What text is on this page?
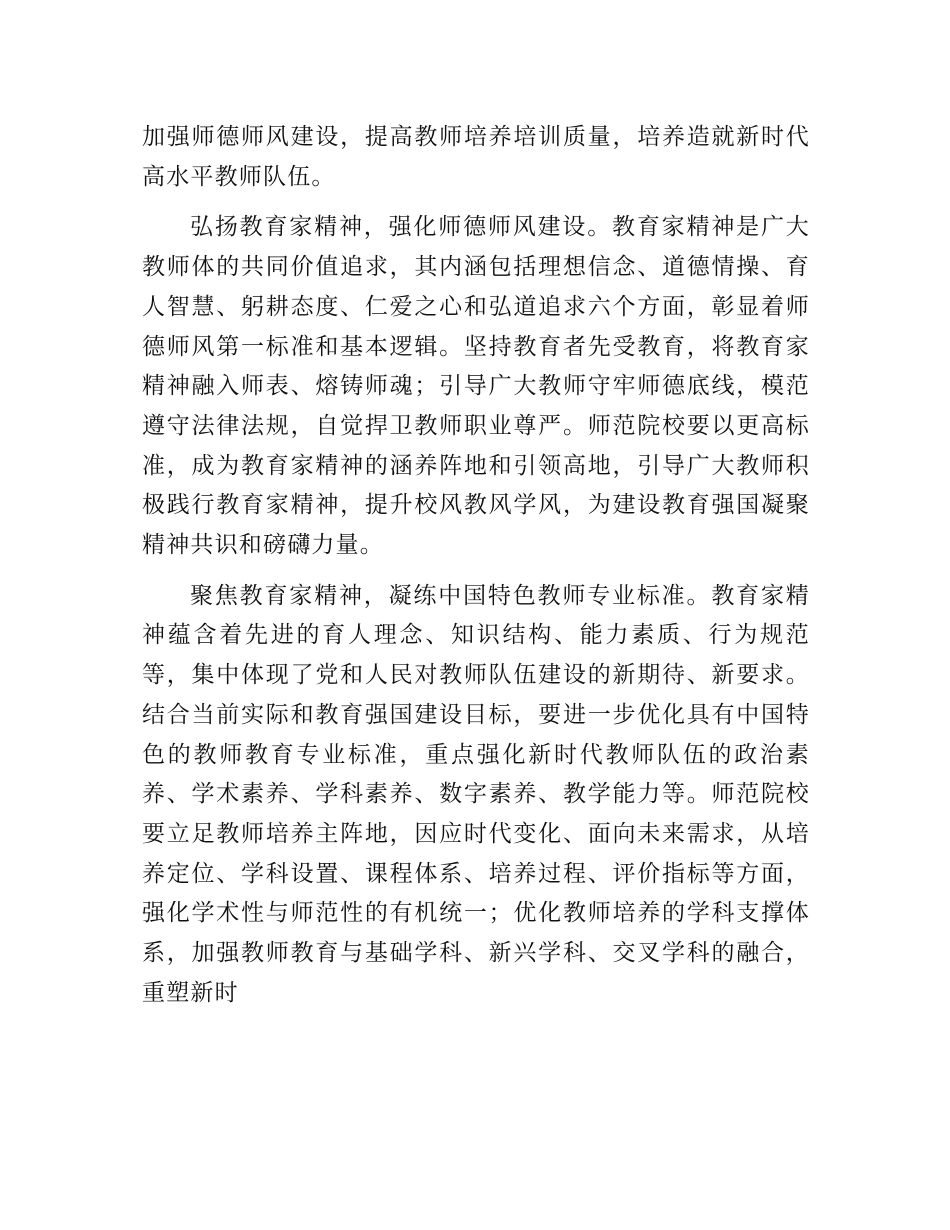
加强师德师风建设，提高教师培养培训质量，培养造就新时代高水平教师队伍。

弘扬教育家精神，强化师德师风建设。教育家精神是广大教师体的共同价值追求，其内涵包括理想信念、道德情操、育人智慧、躬耕态度、仁爱之心和弘道追求六个方面，彰显着师德师风第一标准和基本逻辑。坚持教育者先受教育，将教育家精神融入师表、熔铸师魂；引导广大教师守牢师德底线，模范遵守法律法规，自觉捍卫教师职业尊严。师范院校要以更高标准，成为教育家精神的涵养阵地和引领高地，引导广大教师积极践行教育家精神，提升校风教风学风，为建设教育强国凝聚精神共识和磅礴力量。

聚焦教育家精神，凝练中国特色教师专业标准。教育家精神蕴含着先进的育人理念、知识结构、能力素质、行为规范等，集中体现了党和人民对教师队伍建设的新期待、新要求。结合当前实际和教育强国建设目标，要进一步优化具有中国特色的教师教育专业标准，重点强化新时代教师队伍的政治素养、学术素养、学科素养、数字素养、教学能力等。师范院校要立足教师培养主阵地，因应时代变化、面向未来需求，从培养定位、学科设置、课程体系、培养过程、评价指标等方面，强化学术性与师范性的有机统一；优化教师培养的学科支撑体系，加强教师教育与基础学科、新兴学科、交叉学科的融合，重塑新时
